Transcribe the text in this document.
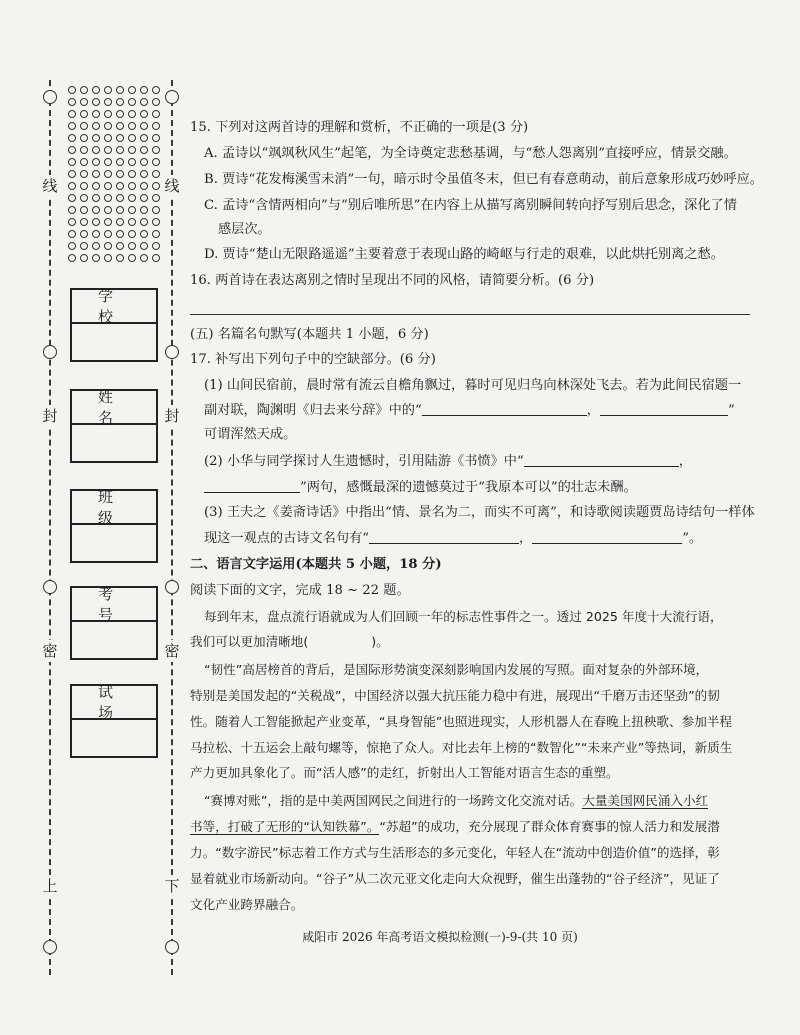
线
封
密
上
线
封
密
下
学校
姓名
班级
考号
试场
15. 下列对这两首诗的理解和赏析，不正确的一项是(3 分)
A. 孟诗以“飒飒秋风生”起笔，为全诗奠定悲愁基调，与“愁人怨离别”直接呼应，情景交融。
B. 贾诗“花发梅溪雪未消”一句，暗示时令虽值冬末，但已有春意萌动，前后意象形成巧妙呼应。
C. 孟诗“含情两相向”与“别后唯所思”在内容上从描写离别瞬间转向抒写别后思念，深化了情
感层次。
D. 贾诗“楚山无限路遥遥”主要着意于表现山路的崎岖与行走的艰难，以此烘托别离之愁。
16. 两首诗在表达离别之情时呈现出不同的风格，请简要分析。(6 分)
(五) 名篇名句默写(本题共 1 小题，6 分)
17. 补写出下列句子中的空缺部分。(6 分)
(1) 山间民宿前，晨时常有流云自檐角飘过，暮时可见归鸟向林深处飞去。若为此间民宿题一
副对联，陶渊明《归去来兮辞》中的“	，	”
可谓浑然天成。
(2) 小华与同学探讨人生遗憾时，引用陆游《书愤》中“	，
”两句，感慨最深的遗憾莫过于“我原本可以”的壮志未酬。
(3) 王夫之《姜斋诗话》中指出“情、景名为二，而实不可离”，和诗歌阅读题贾岛诗结句一样体
现这一观点的古诗文名句有“	，	”。
二、语言文字运用(本题共 5 小题，18 分)
阅读下面的文字，完成 18 ~ 22 题。
每到年末，盘点流行语就成为人们回顾一年的标志性事件之一。透过 2025 年度十大流行语，
我们可以更加清晰地(　　　　　)。
“韧性”高居榜首的背后，是国际形势演变深刻影响国内发展的写照。面对复杂的外部环境，
特别是美国发起的“关税战”，中国经济以强大抗压能力稳中有进，展现出“千磨万击还坚劲”的韧
性。随着人工智能掀起产业变革，“具身智能”也照进现实，人形机器人在春晚上扭秧歌、参加半程
马拉松、十五运会上敲句螺等，惊艳了众人。对比去年上榜的“数智化”“未来产业”等热词，新质生
产力更加具象化了。而“活人感”的走红，折射出人工智能对语言生态的重塑。
“赛博对账”，指的是中美两国网民之间进行的一场跨文化交流对话。大量美国网民涌入小红
书等，打破了无形的“认知铁幕”。“苏超”的成功，充分展现了群众体育赛事的惊人活力和发展潜
力。“数字游民”标志着工作方式与生活形态的多元变化，年轻人在“流动中创造价值”的选择，彰
显着就业市场新动向。“谷子”从二次元亚文化走向大众视野，催生出蓬勃的“谷子经济”，见证了
文化产业跨界融合。
咸阳市 2026 年高考语文模拟检测(一)-9-(共 10 页)
